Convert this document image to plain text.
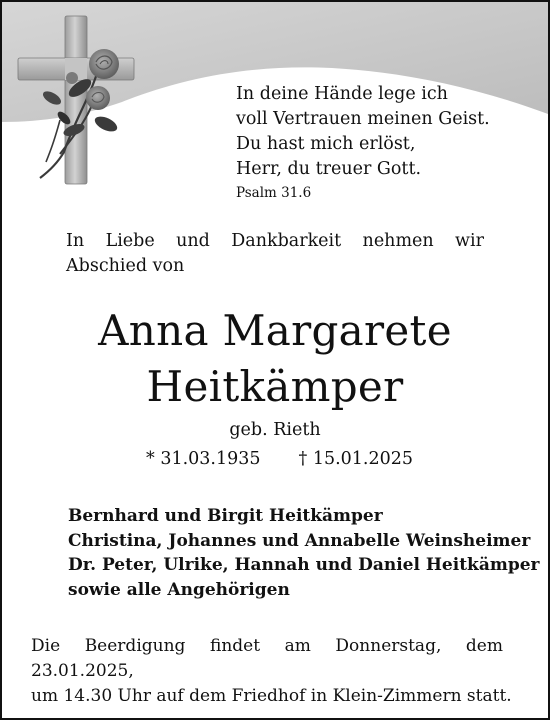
In deine Hände lege ich
voll Vertrauen meinen Geist.
Du hast mich erlöst,
Herr, du treuer Gott.
Psalm 31.6
In Liebe und Dankbarkeit nehmen wir Abschied von
Anna Margarete
Heitkämper
geb. Rieth
* 31.03.1935 † 15.01.2025
Bernhard und Birgit Heitkämper
Christina, Johannes und Annabelle Weinsheimer
Dr. Peter, Ulrike, Hannah und Daniel Heitkämper
sowie alle Angehörigen
Die Beerdigung findet am Donnerstag, dem 23.01.2025,
um 14.30 Uhr auf dem Friedhof in Klein-Zimmern statt.
